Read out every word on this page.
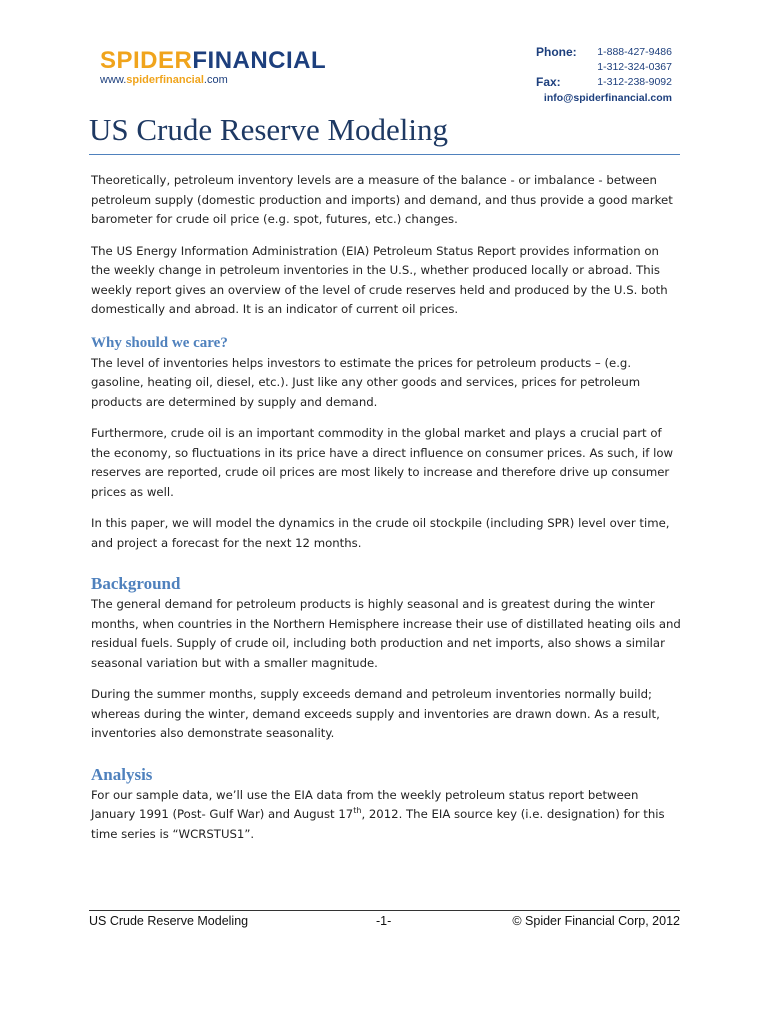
SPIDERFINANCIAL
www.spiderfinancial.com
Phone: 1-888-427-9486
1-312-324-0367
Fax:	1-312-238-9092
info@spiderfinancial.com
US Crude Reserve Modeling

Theoretically, petroleum inventory levels are a measure of the balance - or imbalance - between petroleum supply (domestic production and imports) and demand, and thus provide a good market barometer for crude oil price (e.g. spot, futures, etc.) changes.

The US Energy Information Administration (EIA) Petroleum Status Report provides information on the weekly change in petroleum inventories in the U.S., whether produced locally or abroad. This weekly report gives an overview of the level of crude reserves held and produced by the U.S. both domestically and abroad. It is an indicator of current oil prices.

Why should we care?

The level of inventories helps investors to estimate the prices for petroleum products – (e.g. gasoline, heating oil, diesel, etc.). Just like any other goods and services, prices for petroleum products are determined by supply and demand.

Furthermore, crude oil is an important commodity in the global market and plays a crucial part of the economy, so fluctuations in its price have a direct influence on consumer prices. As such, if low reserves are reported, crude oil prices are most likely to increase and therefore drive up consumer prices as well.

In this paper, we will model the dynamics in the crude oil stockpile (including SPR) level over time, and project a forecast for the next 12 months.

Background

The general demand for petroleum products is highly seasonal and is greatest during the winter months, when countries in the Northern Hemisphere increase their use of distillated heating oils and residual fuels. Supply of crude oil, including both production and net imports, also shows a similar seasonal variation but with a smaller magnitude.

During the summer months, supply exceeds demand and petroleum inventories normally build; whereas during the winter, demand exceeds supply and inventories are drawn down. As a result, inventories also demonstrate seasonality.

Analysis

For our sample data, we’ll use the EIA data from the weekly petroleum status report between January 1991 (Post- Gulf War) and August 17th, 2012. The EIA source key (i.e. designation) for this time series is “WCRSTUS1”.

US Crude Reserve Modeling	-1-	© Spider Financial Corp, 2012
